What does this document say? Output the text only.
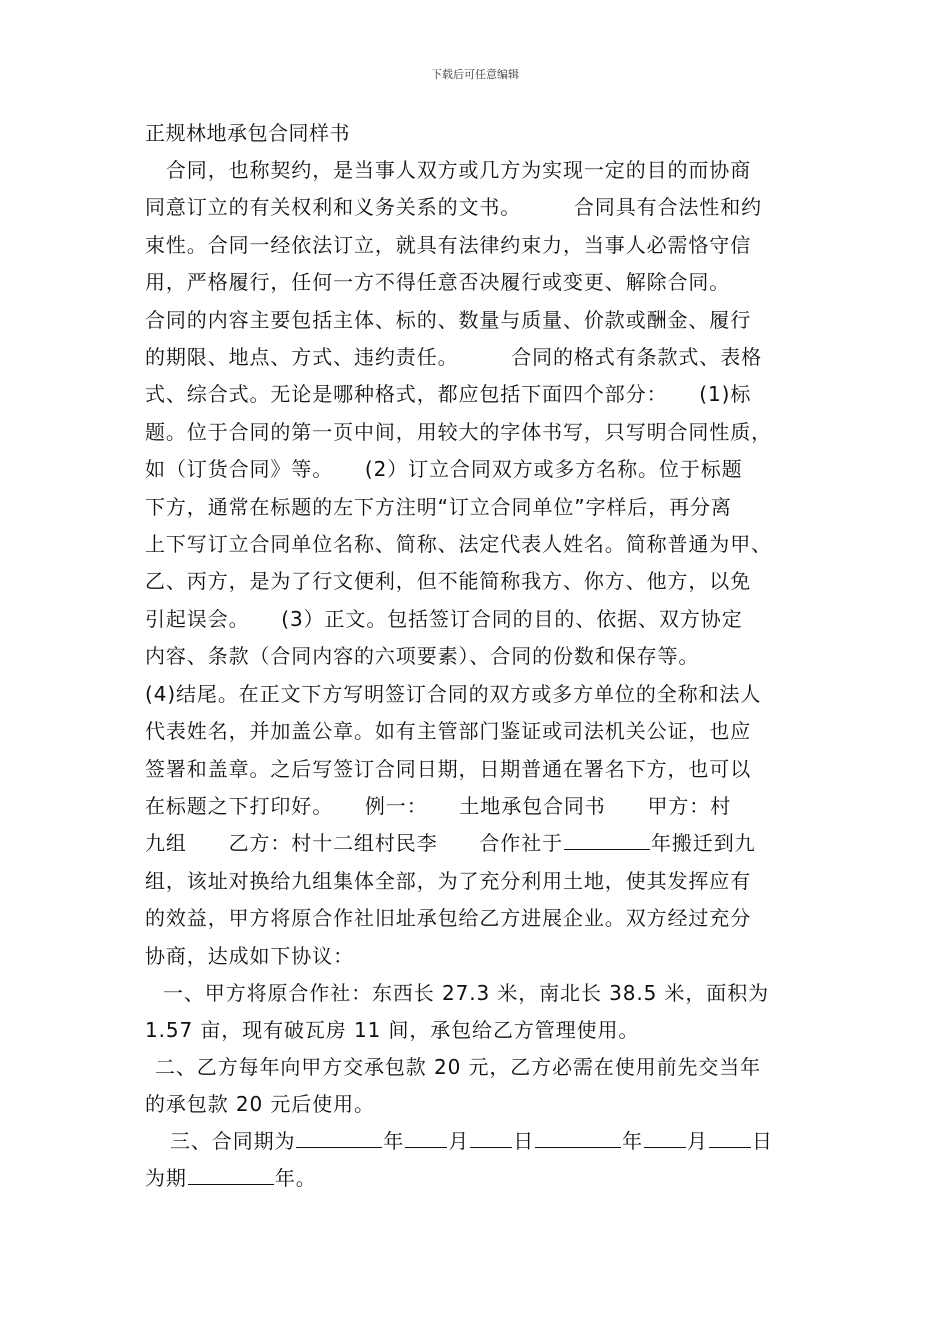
下载后可任意编辑
正规林地承包合同样书
　合同，也称契约，是当事人双方或几方为实现一定的目的而协商
同意订立的有关权利和义务关系的文书。　　　合同具有合法性和约
束性。合同一经依法订立，就具有法律约束力，当事人必需恪守信
用，严格履行，任何一方不得任意否决履行或变更、解除合同。
合同的内容主要包括主体、标的、数量与质量、价款或酬金、履行
的期限、地点、方式、违约责任。　　　合同的格式有条款式、表格
式、综合式。无论是哪种格式，都应包括下面四个部分：　　(1)标
题。位于合同的第一页中间，用较大的字体书写，只写明合同性质，
如（订货合同》等。　　(2）订立合同双方或多方名称。位于标题
下方，通常在标题的左下方注明“订立合同单位”字样后，再分离
上下写订立合同单位名称、简称、法定代表人姓名。简称普通为甲、
乙、丙方，是为了行文便利，但不能简称我方、你方、他方，以免
引起误会。　　(3）正文。包括签订合同的目的、依据、双方协定
内容、条款（合同内容的六项要素）、合同的份数和保存等。
(4)结尾。在正文下方写明签订合同的双方或多方单位的全称和法人
代表姓名，并加盖公章。如有主管部门鉴证或司法机关公证，也应
签署和盖章。之后写签订合同日期，日期普通在署名下方，也可以
在标题之下打印好。　　例一：　　土地承包合同书　　甲方：村
九组　　乙方：村十二组村民李　　合作社于	年搬迁到九
组，该址对换给九组集体全部，为了充分利用土地，使其发挥应有
的效益，甲方将原合作社旧址承包给乙方进展企业。双方经过充分
协商，达成如下协议：
一、甲方将原合作社：东西长 27.3 米，南北长 38.5 米，面积为
1.57 亩，现有破瓦房 11 间，承包给乙方管理使用。
二、乙方每年向甲方交承包款 20 元，乙方必需在使用前先交当年
的承包款 20 元后使用。
三、合同期为	年 月 日	年 月 日
为期	年。
